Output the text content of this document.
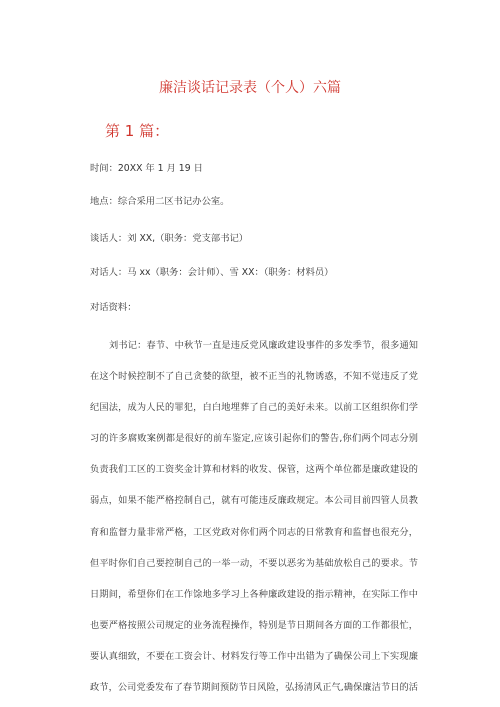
廉洁谈话记录表（个人）六篇
第 1 篇：
时间：20XX 年 1 月 19 日
地点：综合采用二区书记办公室。
谈话人：刘 XX,（职务：党支部书记）
对话人：马 xx（职务：会计师）、雪 XX：（职务：材料员）
对话资料：
刘书记：春节、中秋节一直是违反党风廉政建设事件的多发季节，很多通知
在这个时候控制不了自己贪婪的欲望，被不正当的礼物诱惑，不知不觉违反了党
纪国法，成为人民的罪犯，白白地埋葬了自己的美好未来。以前工区组织你们学
习的许多腐败案例都是很好的前车鉴定,应该引起你们的警告,你们两个同志分别
负责我们工区的工资奖金计算和材料的收发、保管，这两个单位都是廉政建设的
弱点，如果不能严格控制自己，就有可能违反廉政规定。本公司目前四管人员教
育和监督力量非常严格，工区党政对你们两个同志的日常教育和监督也很充分，
但平时你们自己要控制自己的一举一动，不要以恶劣为基础放松自己的要求。节
日期间，希望你们在工作馀地多学习上各种廉政建设的指示精神，在实际工作中
也要严格按照公司规定的业务流程操作，特别是节日期间各方面的工作都很忙，
要认真细致，不要在工资会计、材料发行等工作中出错为了确保公司上下实现廉
政节，公司党委发布了春节期间预防节日风险，弘扬清风正气,确保廉洁节日的活
